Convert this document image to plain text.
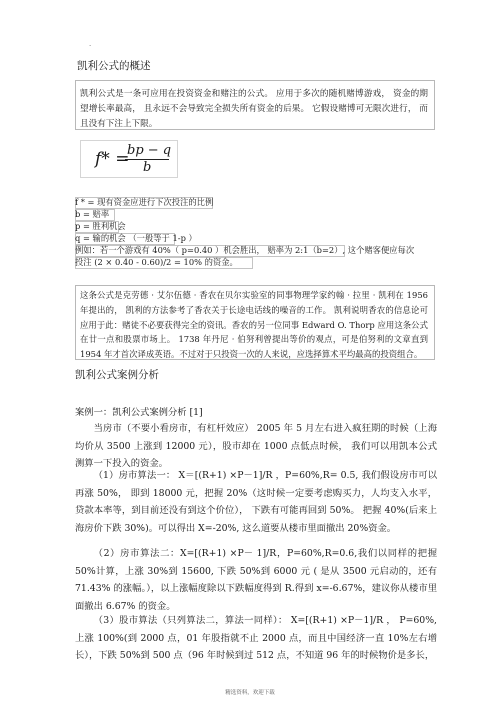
·
凯利公式的概述
凯利公式是一条可应用在投资资金和赌注的公式。 应用于多次的随机赌博游戏， 资金的期望增长率最高， 且永远不会导致完全损失所有资金的后果。 它假设赌博可无限次进行， 而且没有下注上下限。
f* =
bp − q
b
f * = 现有资金应进行下次投注的比例
b = 赔率
p = 胜利机会
q = 输的机会 （一般等于 1-p ）
例如：若一个游戏有 40%（ p=0.40 ）机会胜出， 赔率为 2:1（b=2）, 这个赌客便应每次
投注 (2 × 0.40 - 0.60)/2 = 10% 的资金。
这条公式是克劳德 · 艾尔伍德 · 香农在贝尔实验室的同事物理学家约翰 · 拉里 · 凯利在 1956 年提出的， 凯利的方法参考了香农关于长途电话线的噪音的工作。 凯利说明香农的信息论可应用于此：赌徒不必要获得完全的资讯。香农的另一位同事 Edward O. Thorp 应用这条公式在廿一点和股票市场上。 1738 年丹尼 · 伯努利曾提出等价的观点，可是伯努利的文章直到 1954 年才首次译成英语。不过对于只投资一次的人来说，应选择算术平均最高的投资组合。
凯利公式案例分析
案例一：凯利公式案例分析 [1]
当房市（不要小看房市，有杠杆效应） 2005 年 5 月左右进入疯狂期的时候（上海均价从 3500 上涨到 12000 元），股市却在 1000 点低点时候， 我们可以用凯本公式测算一下投入的资金。
（1）房市算法一： X＝[(R+1) ×P－1]/R ，P=60%,R= 0.5, 我们假设房市可以再涨 50%， 即到 18000 元，把握 20%（这时候一定要考虑购买力，人均支入水平，贷款本率等，到目前还没有到这个价位）， 下跌有可能再回到 50%。 把握 40%(后来上海房价下跌 30%)。可以得出 X=-20%, 这么道要从楼市里面撤出 20%资金。
（2）房市算法二：X=[(R+1) ×P－ 1]/R，P=60%,R=0.6,我们以同样的把握 50%计算，上涨 30%到 15600, 下跌 50%到 6000 元 ( 是从 3500 元启动的，还有 71.43% 的涨幅。），以上涨幅度除以下跌幅度得到 R.得到 x=-6.67%，建议你从楼市里面撤出 6.67% 的资金。
（3）股市算法（只列算法二，算法一同样）： X=[(R+1) ×P－1]/R ， P=60%, 上涨 100%(到 2000 点，01 年股指就不止 2000 点，而且中国经济一直 10%左右增长），下跌 50%到 500 点（96 年时候到过 512 点，不知道 96 年的时候物价是多长，
精选资料，欢迎下载
